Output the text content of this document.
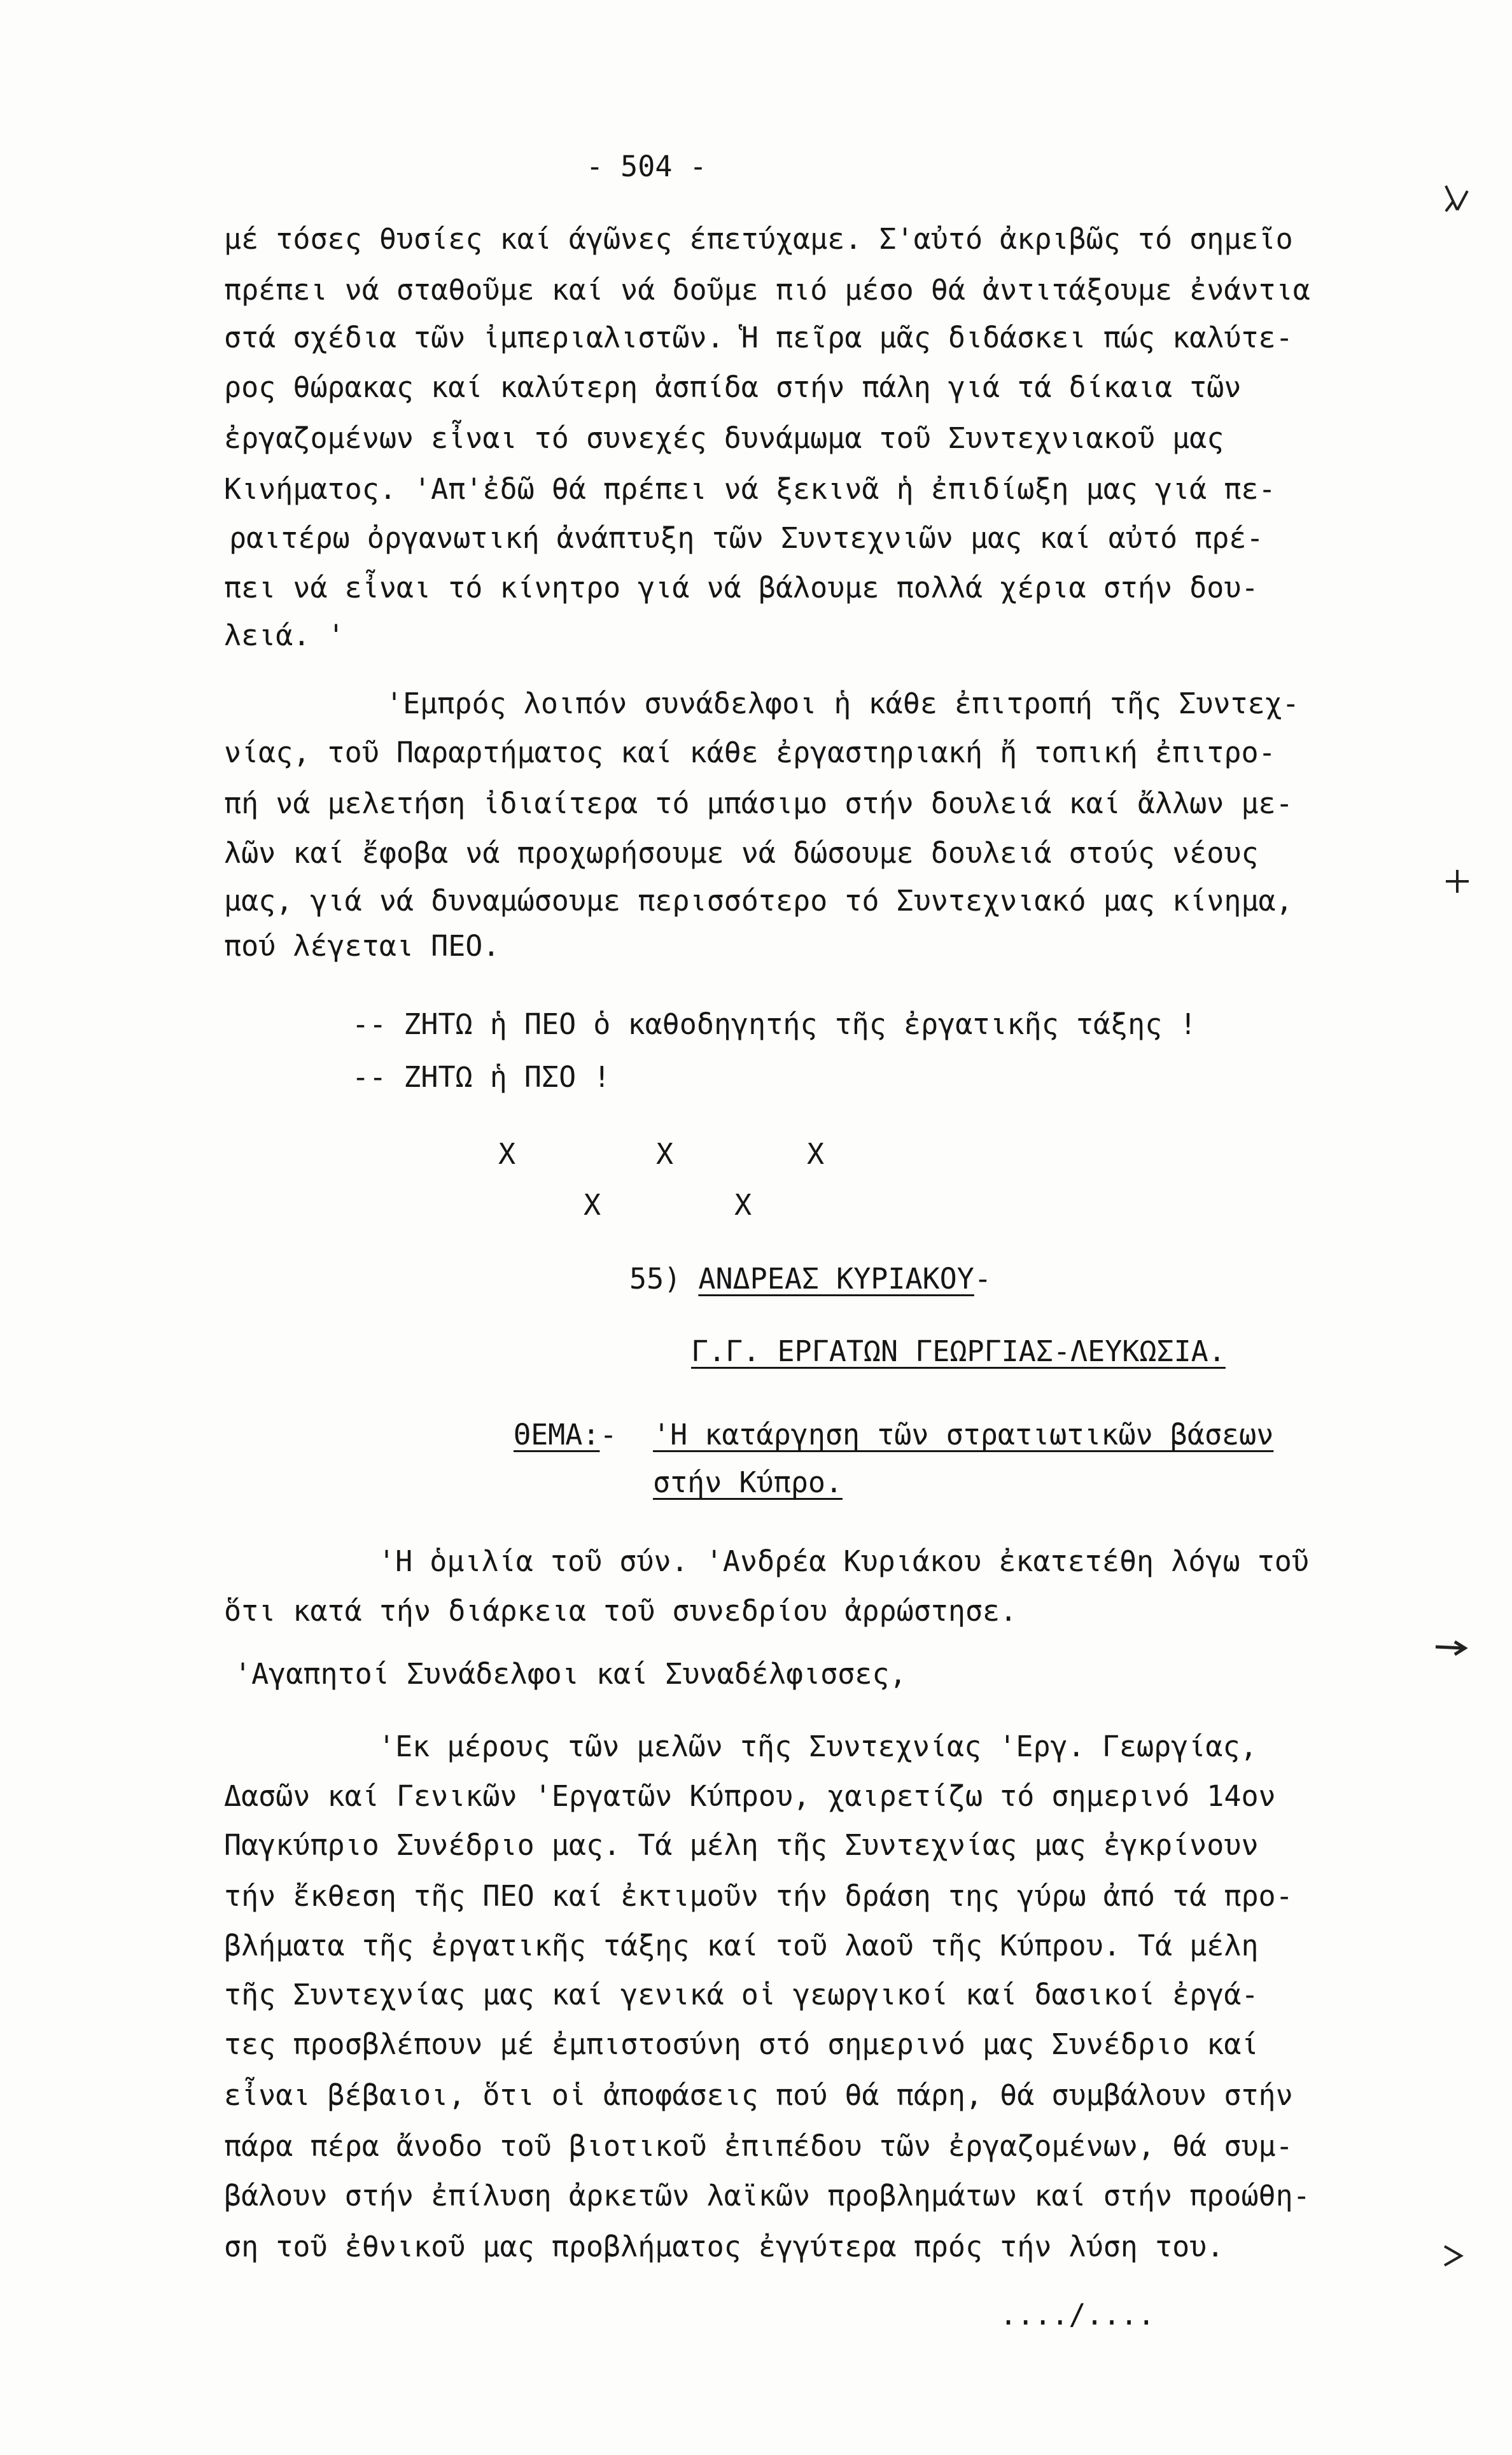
- 504 -
μέ τόσες θυσίες καί άγῶνες έπετύχαμε. Σ'αὐτό ἀκριβῶς τό σημεῖο
πρέπει νά σταθοῦμε καί νά δοῦμε πιό μέσο θά ἀντιτάξουμε ἐνάντια
στά σχέδια τῶν ἰμπεριαλιστῶν. Ἡ πεῖρα μᾶς διδάσκει πώς καλύτε-
ρος θώρακας καί καλύτερη ἀσπίδα στήν πάλη γιά τά δίκαια τῶν
ἐργαζομένων εἶναι τό συνεχές δυνάμωμα τοῦ Συντεχνιακοῦ μας
Κινήματος. 'Απ'ἐδῶ θά πρέπει νά ξεκινᾶ ἡ ἐπιδίωξη μας γιά πε-
ραιτέρω ὀργανωτική ἀνάπτυξη τῶν Συντεχνιῶν μας καί αὐτό πρέ-
πει νά εἶναι τό κίνητρο γιά νά βάλουμε πολλά χέρια στήν δου-
λειά. '
'Εμπρός λοιπόν συνάδελφοι ἡ κάθε ἐπιτροπή τῆς Συντεχ-
νίας, τοῦ Παραρτήματος καί κάθε ἐργαστηριακή ἤ τοπική ἐπιτρο-
πή νά μελετήση ἰδιαίτερα τό μπάσιμο στήν δουλειά καί ἄλλων με-
λῶν καί ἔφοβα νά προχωρήσουμε νά δώσουμε δουλειά στούς νέους
μας, γιά νά δυναμώσουμε περισσότερο τό Συντεχνιακό μας κίνημα,
πού λέγεται ΠΕΟ.
-- ΖΗΤΩ ἡ ΠΕΟ ὁ καθοδηγητής τῆς ἐργατικῆς τάξης !
-- ΖΗΤΩ ἡ ΠΣΟ !
Χ	Χ	Χ
Χ	Χ
55) ΑΝΔΡΕΑΣ ΚΥΡΙΑΚΟΥ-
Γ.Γ. ΕΡΓΑΤΩΝ ΓΕΩΡΓΙΑΣ-ΛΕΥΚΩΣΙΑ.
ΘΕΜΑ:- 'Η κατάργηση τῶν στρατιωτικῶν βάσεων
στήν Κύπρο.
'Η ὁμιλία τοῦ σύν. 'Ανδρέα Κυριάκου ἐκατετέθη λόγω τοῦ
ὅτι κατά τήν διάρκεια τοῦ συνεδρίου ἀρρώστησε.
'Αγαπητοί Συνάδελφοι καί Συναδέλφισσες,
'Εκ μέρους τῶν μελῶν τῆς Συντεχνίας 'Εργ. Γεωργίας,
Δασῶν καί Γενικῶν 'Εργατῶν Κύπρου, χαιρετίζω τό σημερινό 14ον
Παγκύπριο Συνέδριο μας. Τά μέλη τῆς Συντεχνίας μας ἐγκρίνουν
τήν ἔκθεση τῆς ΠΕΟ καί ἐκτιμοῦν τήν δράση της γύρω ἀπό τά προ-
βλήματα τῆς ἐργατικῆς τάξης καί τοῦ λαοῦ τῆς Κύπρου. Τά μέλη
τῆς Συντεχνίας μας καί γενικά οἱ γεωργικοί καί δασικοί ἐργά-
τες προσβλέπουν μέ ἐμπιστοσύνη στό σημερινό μας Συνέδριο καί
εἶναι βέβαιοι, ὅτι οἱ ἀποφάσεις πού θά πάρη, θά συμβάλουν στήν
πάρα πέρα ἄνοδο τοῦ βιοτικοῦ ἐπιπέδου τῶν ἐργαζομένων, θά συμ-
βάλουν στήν ἐπίλυση ἀρκετῶν λαϊκῶν προβλημάτων καί στήν προώθη-
ση τοῦ ἐθνικοῦ μας προβλήματος ἐγγύτερα πρός τήν λύση του.
..../....
